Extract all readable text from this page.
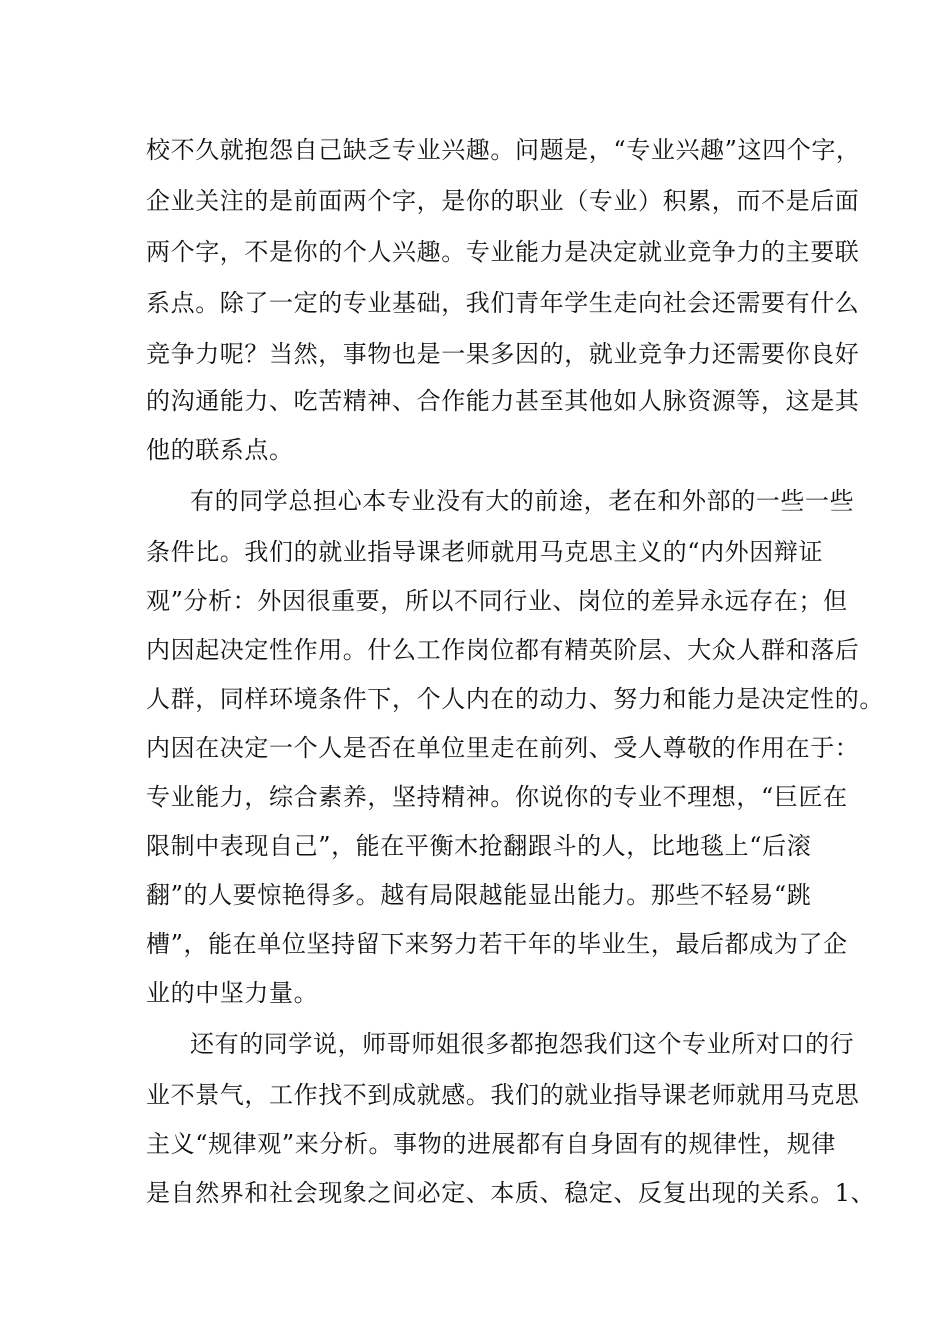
校不久就抱怨自己缺乏专业兴趣。问题是，“专业兴趣”这四个字，
企业关注的是前面两个字，是你的职业（专业）积累，而不是后面
两个字，不是你的个人兴趣。专业能力是决定就业竞争力的主要联
系点。除了一定的专业基础，我们青年学生走向社会还需要有什么
竞争力呢？当然，事物也是一果多因的，就业竞争力还需要你良好
的沟通能力、吃苦精神、合作能力甚至其他如人脉资源等，这是其
他的联系点。
有的同学总担心本专业没有大的前途，老在和外部的一些一些
条件比。我们的就业指导课老师就用马克思主义的“内外因辩证
观”分析：外因很重要，所以不同行业、岗位的差异永远存在；但
内因起决定性作用。什么工作岗位都有精英阶层、大众人群和落后
人群，同样环境条件下，个人内在的动力、努力和能力是决定性的。
内因在决定一个人是否在单位里走在前列、受人尊敬的作用在于：
专业能力，综合素养，坚持精神。你说你的专业不理想，“巨匠在
限制中表现自己”，能在平衡木抢翻跟斗的人，比地毯上“后滚
翻”的人要惊艳得多。越有局限越能显出能力。那些不轻易“跳
槽”，能在单位坚持留下来努力若干年的毕业生，最后都成为了企
业的中坚力量。
还有的同学说，师哥师姐很多都抱怨我们这个专业所对口的行
业不景气，工作找不到成就感。我们的就业指导课老师就用马克思
主义“规律观”来分析。事物的进展都有自身固有的规律性，规律
是自然界和社会现象之间必定、本质、稳定、反复出现的关系。1、
